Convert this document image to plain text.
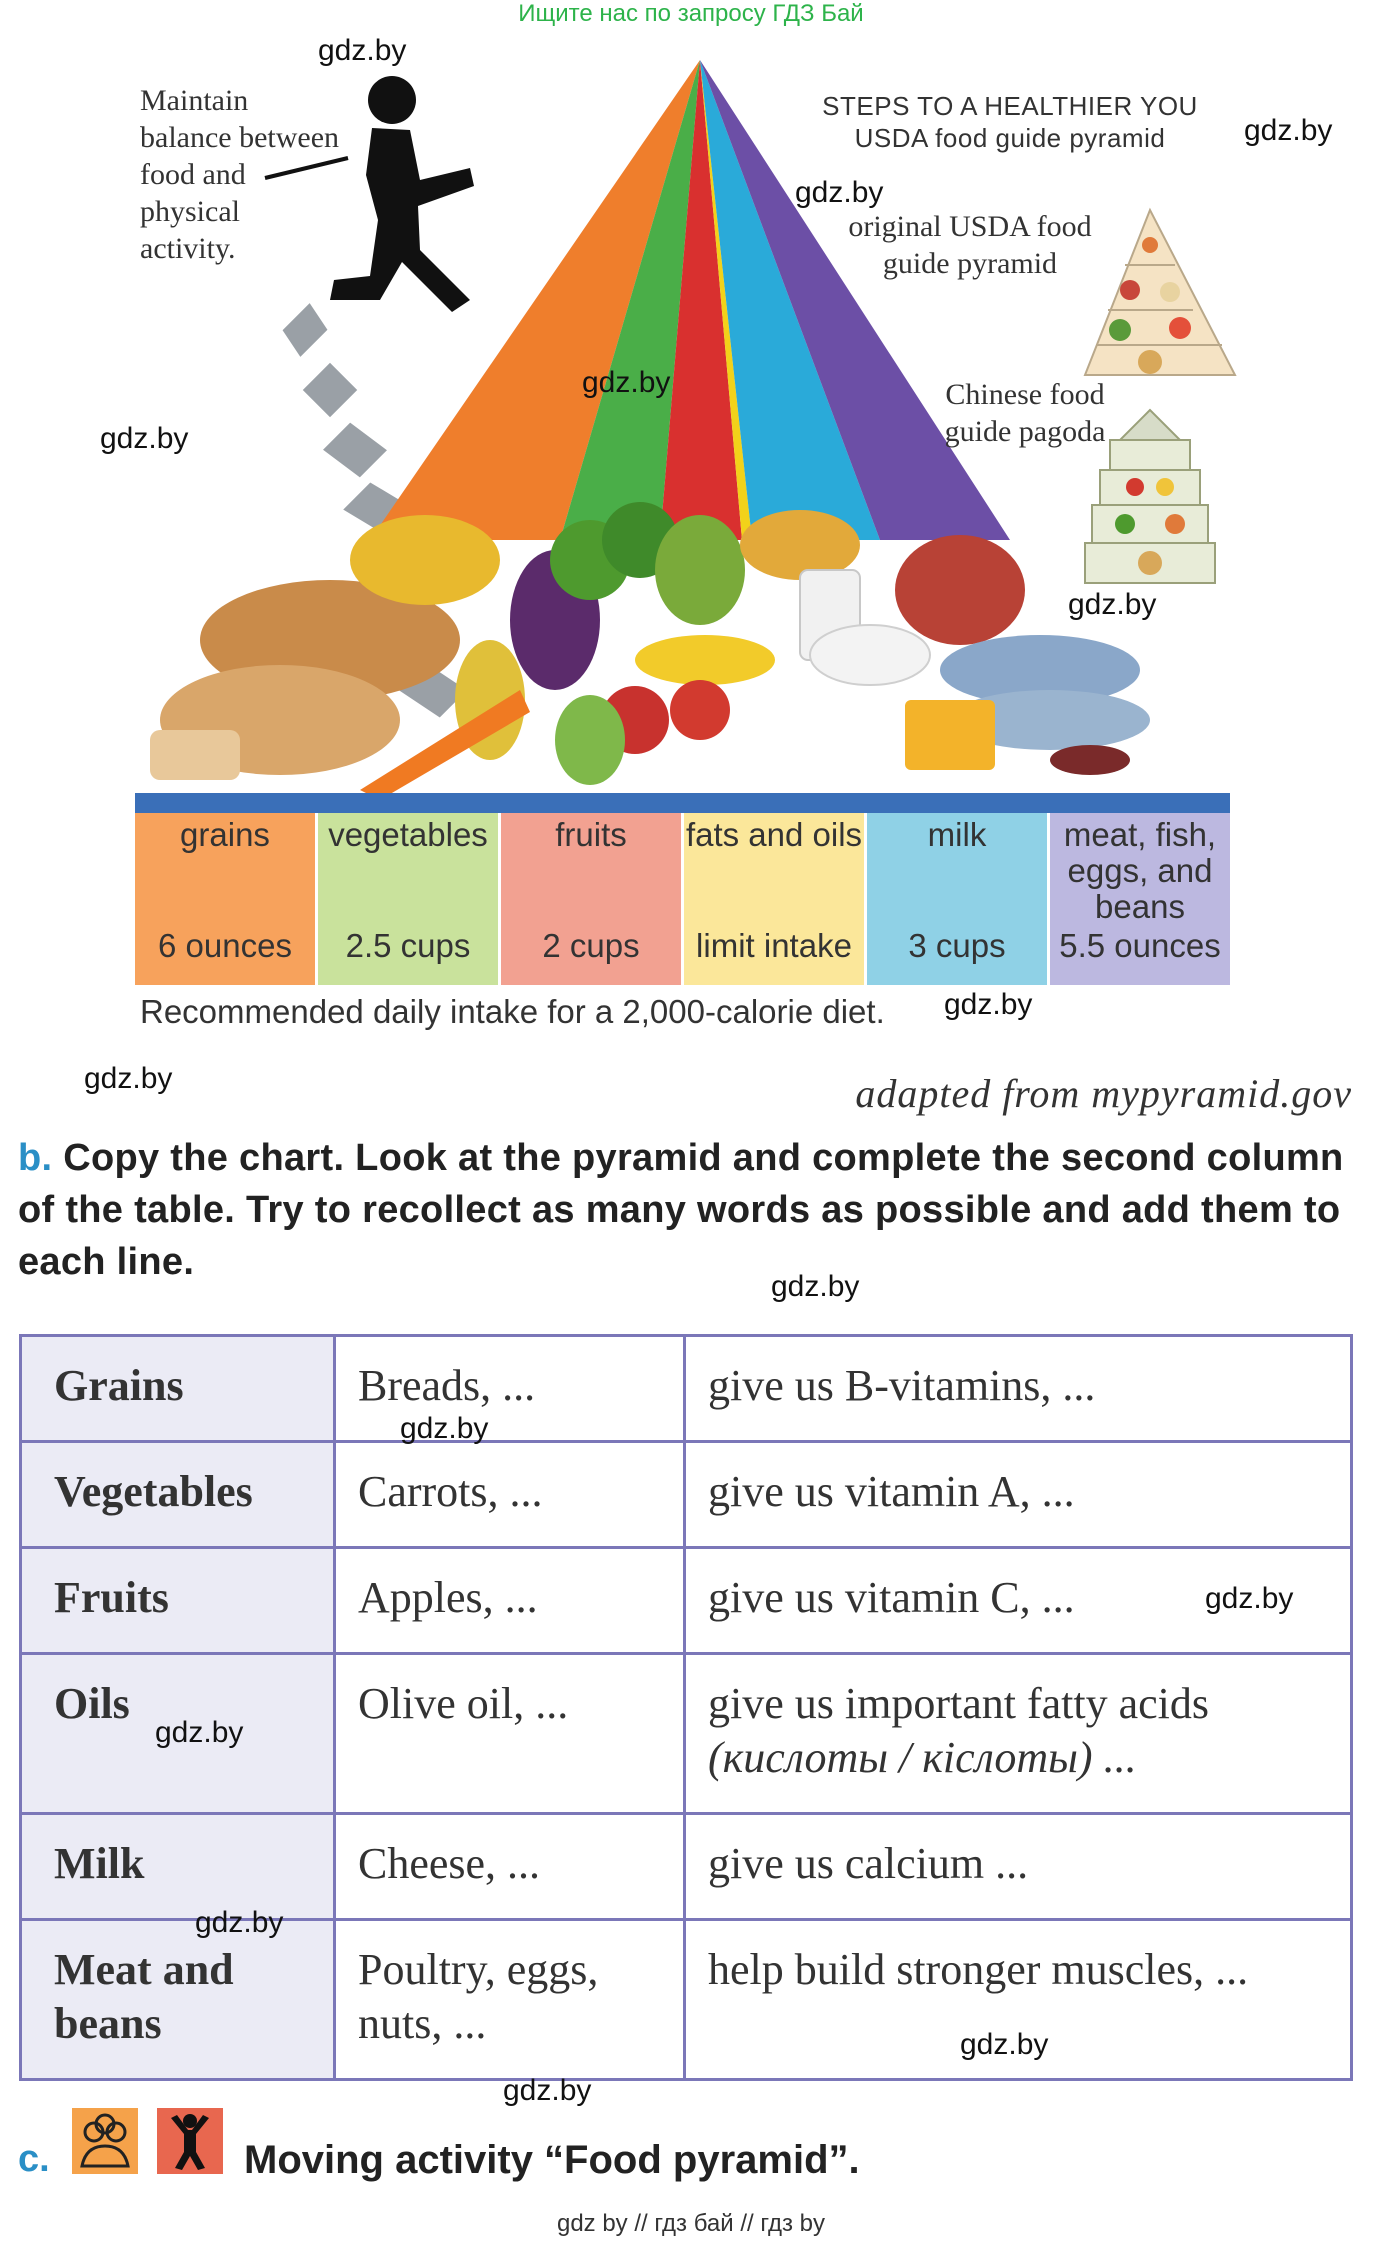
Ищите нас по запросу ГДЗ Бай
Maintain balance between food and physical activity.
STEPS TO A HEALTHIER YOU
USDA food guide pyramid
original USDA food guide pyramid
Chinese food guide pagoda
grains
6 ounces
vegetables
2.5 cups
fruits
2 cups
fats and oils
limit intake
milk
3 cups
meat, fish, eggs, and beans
5.5 ounces
Recommended daily intake for a 2,000-calorie diet.
adapted from mypyramid.gov
b. Copy the chart. Look at the pyramid and complete the second column of the table. Try to recollect as many words as possible and add them to each line.
Grains	Breads, ...	give us B-vitamins, ...

Vegetables	Carrots, ...	give us vitamin A, ...

Fruits	Apples, ...	give us vitamin C, ...

Oils	Olive oil, ...	give us important fatty acids
(кислоты / кіслоты) ...

Milk	Cheese, ...	give us calcium ...

Meat and beans	Poultry, eggs, nuts, ...	help build stronger muscles, ...
c.	Moving activity “Food pyramid”.
gdz by // гдз бай // гдз by
gdz.by
gdz.by
gdz.by
gdz.by
gdz.by
gdz.by
gdz.by
gdz.by
gdz.by
gdz.by
gdz.by
gdz.by
gdz.by
gdz.by
gdz.by
